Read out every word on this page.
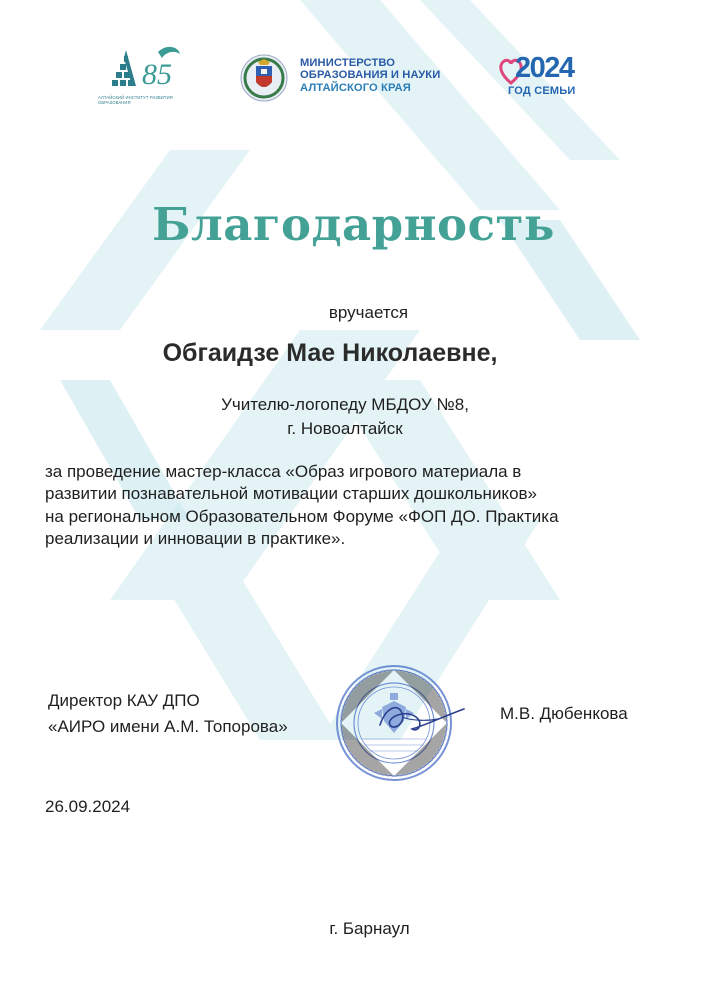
85
АЛТАЙСКИЙ ИНСТИТУТ РАЗВИТИЯ ОБРАЗОВАНИЯ
МИНИСТЕРСТВО
ОБРАЗОВАНИЯ И НАУКИ
АЛТАЙСКОГО КРАЯ
2024
ГОД СЕМЬИ
Благодарность
вручается
Обгаидзе Мае Николаевне,
Учителю-логопеду МБДОУ №8,
г. Новоалтайск
за проведение мастер-класса «Образ игрового материала в
развитии познавательной мотивации старших дошкольников»
на региональном Образовательном Форуме «ФОП ДО. Практика
реализации и инновации в практике».
Директор КАУ ДПО
«АИРО имени А.М. Топорова»
М.В. Дюбенкова
26.09.2024
г. Барнаул
